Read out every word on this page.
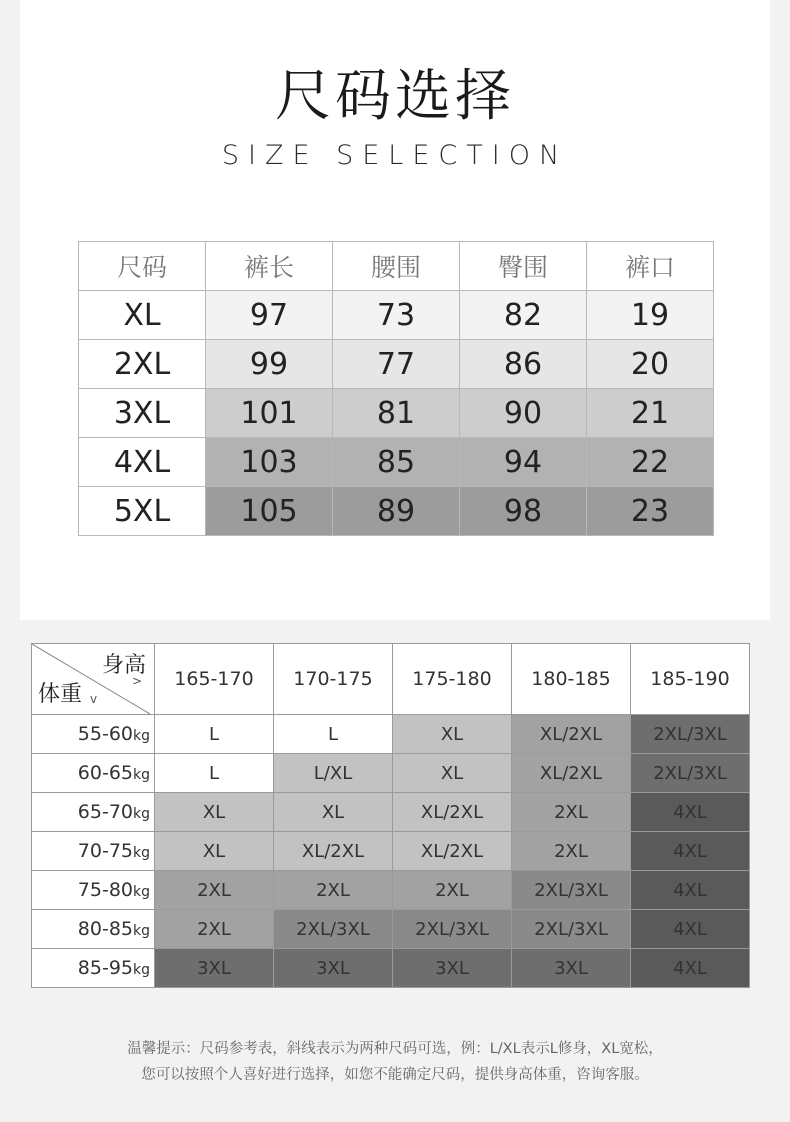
尺码选择
SIZE SELECTION
尺码	裤长	腰围	臀围	裤口
XL	97	73	82	19
2XL	99	77	86	20
3XL	101	81	90	21
4XL	103	85	94	22
5XL	105	89	98	23
身高
>
体重 v	165-170	170-175	175-180	180-185	185-190
55-60kg	L	L	XL	XL/2XL	2XL/3XL
60-65kg	L	L/XL	XL	XL/2XL	2XL/3XL
65-70kg	XL	XL	XL/2XL	2XL	4XL
70-75kg	XL	XL/2XL	XL/2XL	2XL	4XL
75-80kg	2XL	2XL	2XL	2XL/3XL	4XL
80-85kg	2XL	2XL/3XL	2XL/3XL	2XL/3XL	4XL
85-95kg	3XL	3XL	3XL	3XL	4XL
温馨提示：尺码参考表，斜线表示为两种尺码可选，例：L/XL表示L修身，XL宽松，
您可以按照个人喜好进行选择，如您不能确定尺码，提供身高体重，咨询客服。
